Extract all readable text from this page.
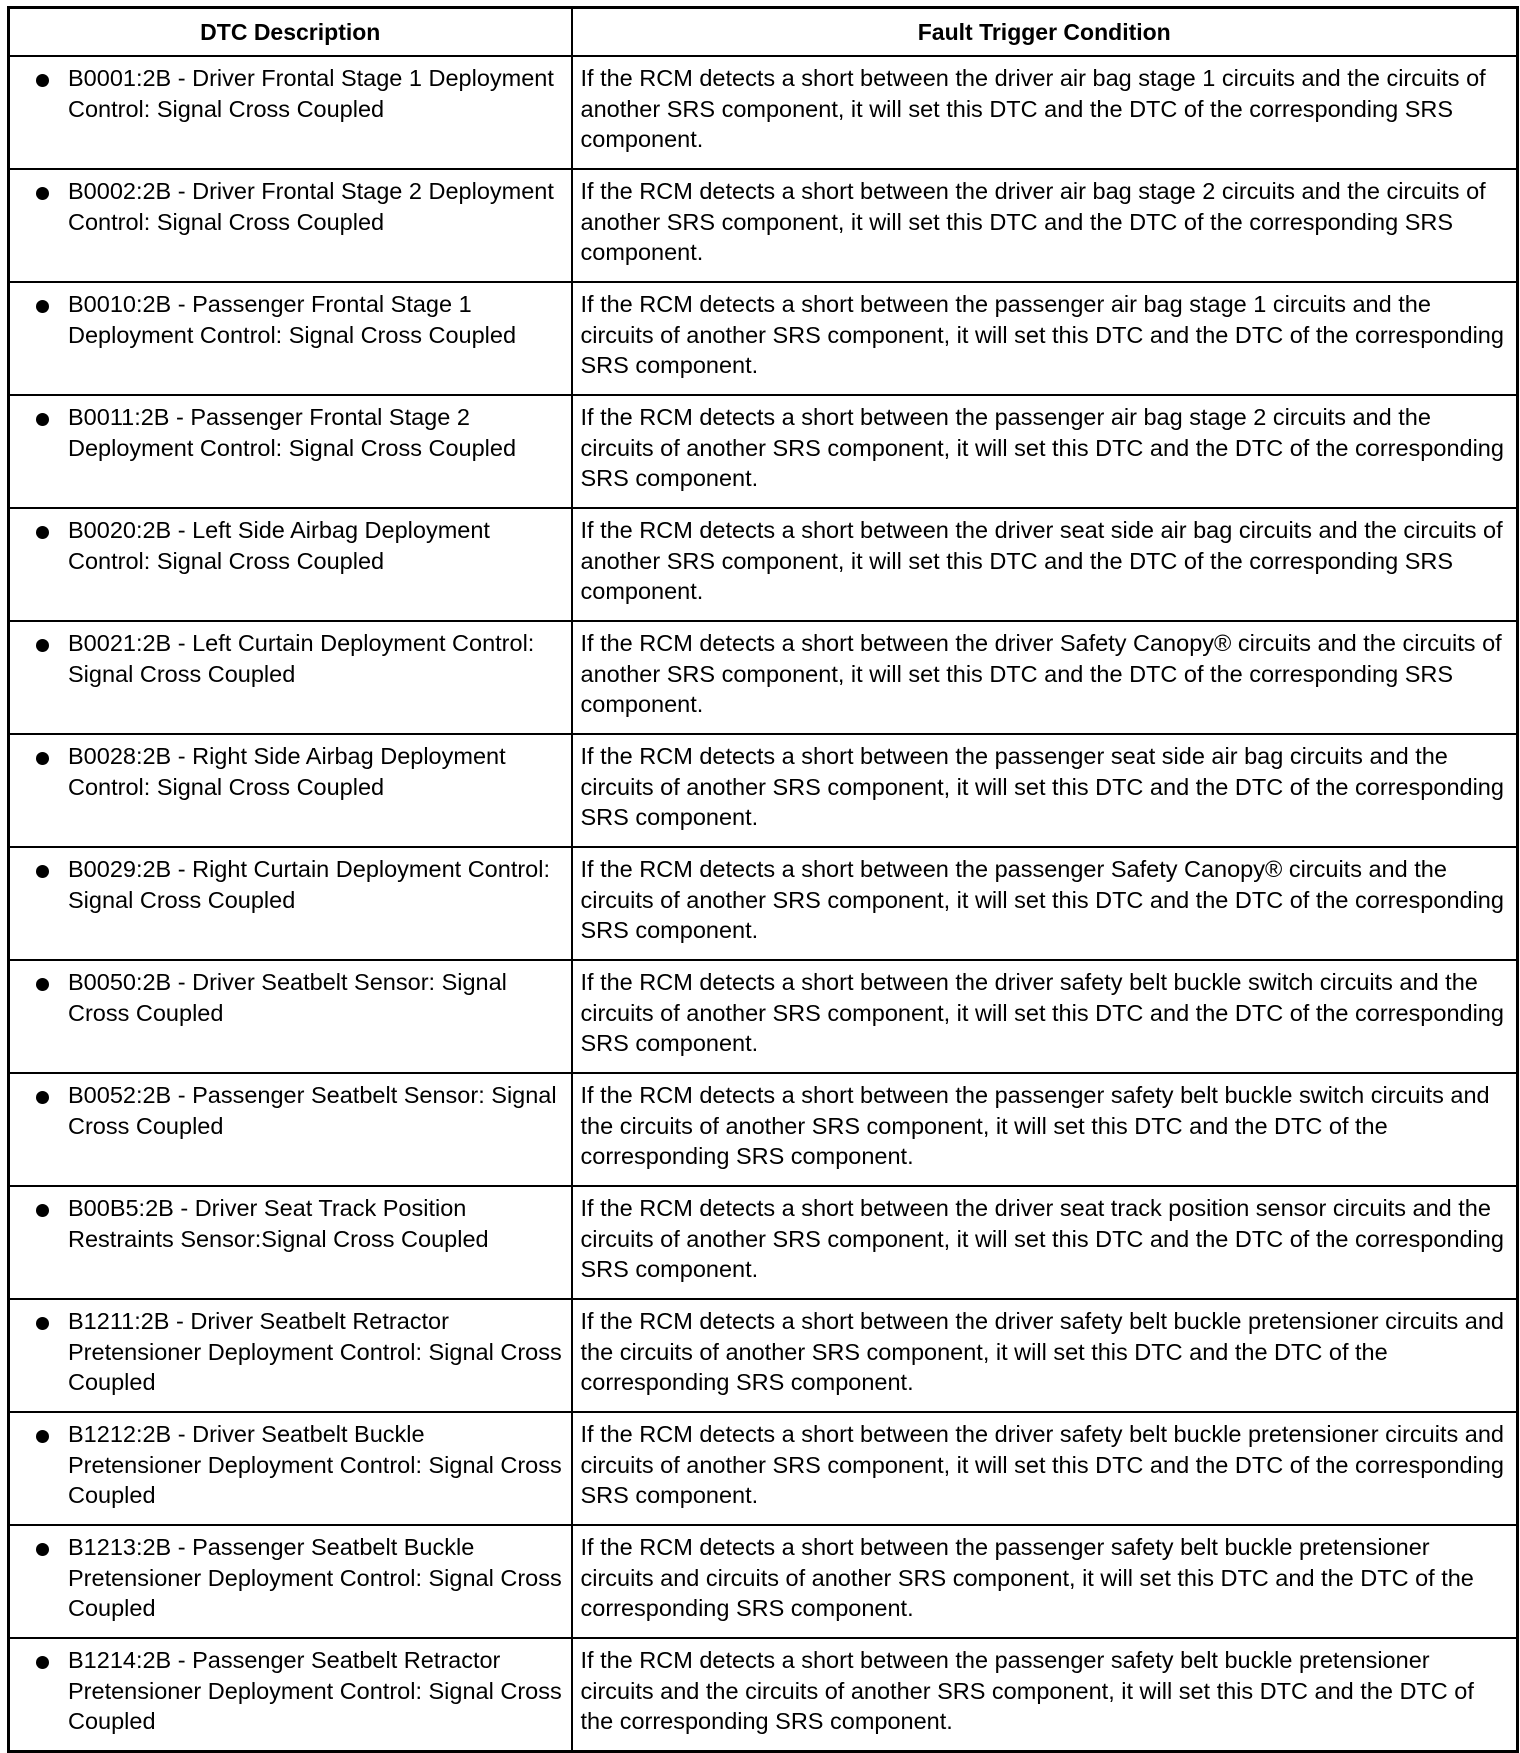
DTC Description	Fault Trigger Condition

B0001:2B - Driver Frontal Stage 1 Deployment Control: Signal Cross Coupled	If the RCM detects a short between the driver air bag stage 1 circuits and the circuits of another SRS component, it will set this DTC and the DTC of the corresponding SRS component.

B0002:2B - Driver Frontal Stage 2 Deployment Control: Signal Cross Coupled	If the RCM detects a short between the driver air bag stage 2 circuits and the circuits of another SRS component, it will set this DTC and the DTC of the corresponding SRS component.

B0010:2B - Passenger Frontal Stage 1 Deployment Control: Signal Cross Coupled	If the RCM detects a short between the passenger air bag stage 1 circuits and the circuits of another SRS component, it will set this DTC and the DTC of the corresponding SRS component.

B0011:2B - Passenger Frontal Stage 2 Deployment Control: Signal Cross Coupled	If the RCM detects a short between the passenger air bag stage 2 circuits and the circuits of another SRS component, it will set this DTC and the DTC of the corresponding SRS component.

B0020:2B - Left Side Airbag Deployment Control: Signal Cross Coupled	If the RCM detects a short between the driver seat side air bag circuits and the circuits of another SRS component, it will set this DTC and the DTC of the corresponding SRS component.

B0021:2B - Left Curtain Deployment Control: Signal Cross Coupled	If the RCM detects a short between the driver Safety Canopy® circuits and the circuits of another SRS component, it will set this DTC and the DTC of the corresponding SRS component.

B0028:2B - Right Side Airbag Deployment Control: Signal Cross Coupled	If the RCM detects a short between the passenger seat side air bag circuits and the circuits of another SRS component, it will set this DTC and the DTC of the corresponding SRS component.

B0029:2B - Right Curtain Deployment Control: Signal Cross Coupled	If the RCM detects a short between the passenger Safety Canopy® circuits and the circuits of another SRS component, it will set this DTC and the DTC of the corresponding SRS component.

B0050:2B - Driver Seatbelt Sensor: Signal Cross Coupled	If the RCM detects a short between the driver safety belt buckle switch circuits and the circuits of another SRS component, it will set this DTC and the DTC of the corresponding SRS component.

B0052:2B - Passenger Seatbelt Sensor: Signal Cross Coupled	If the RCM detects a short between the passenger safety belt buckle switch circuits and the circuits of another SRS component, it will set this DTC and the DTC of the corresponding SRS component.

B00B5:2B - Driver Seat Track Position Restraints Sensor:Signal Cross Coupled	If the RCM detects a short between the driver seat track position sensor circuits and the circuits of another SRS component, it will set this DTC and the DTC of the corresponding SRS component.

B1211:2B - Driver Seatbelt Retractor Pretensioner Deployment Control: Signal Cross Coupled	If the RCM detects a short between the driver safety belt buckle pretensioner circuits and the circuits of another SRS component, it will set this DTC and the DTC of the corresponding SRS component.

B1212:2B - Driver Seatbelt Buckle Pretensioner Deployment Control: Signal Cross Coupled	If the RCM detects a short between the driver safety belt buckle pretensioner circuits and circuits of another SRS component, it will set this DTC and the DTC of the corresponding SRS component.

B1213:2B - Passenger Seatbelt Buckle Pretensioner Deployment Control: Signal Cross Coupled	If the RCM detects a short between the passenger safety belt buckle pretensioner circuits and circuits of another SRS component, it will set this DTC and the DTC of the corresponding SRS component.

B1214:2B - Passenger Seatbelt Retractor Pretensioner Deployment Control: Signal Cross Coupled	If the RCM detects a short between the passenger safety belt buckle pretensioner circuits and the circuits of another SRS component, it will set this DTC and the DTC of the corresponding SRS component.
